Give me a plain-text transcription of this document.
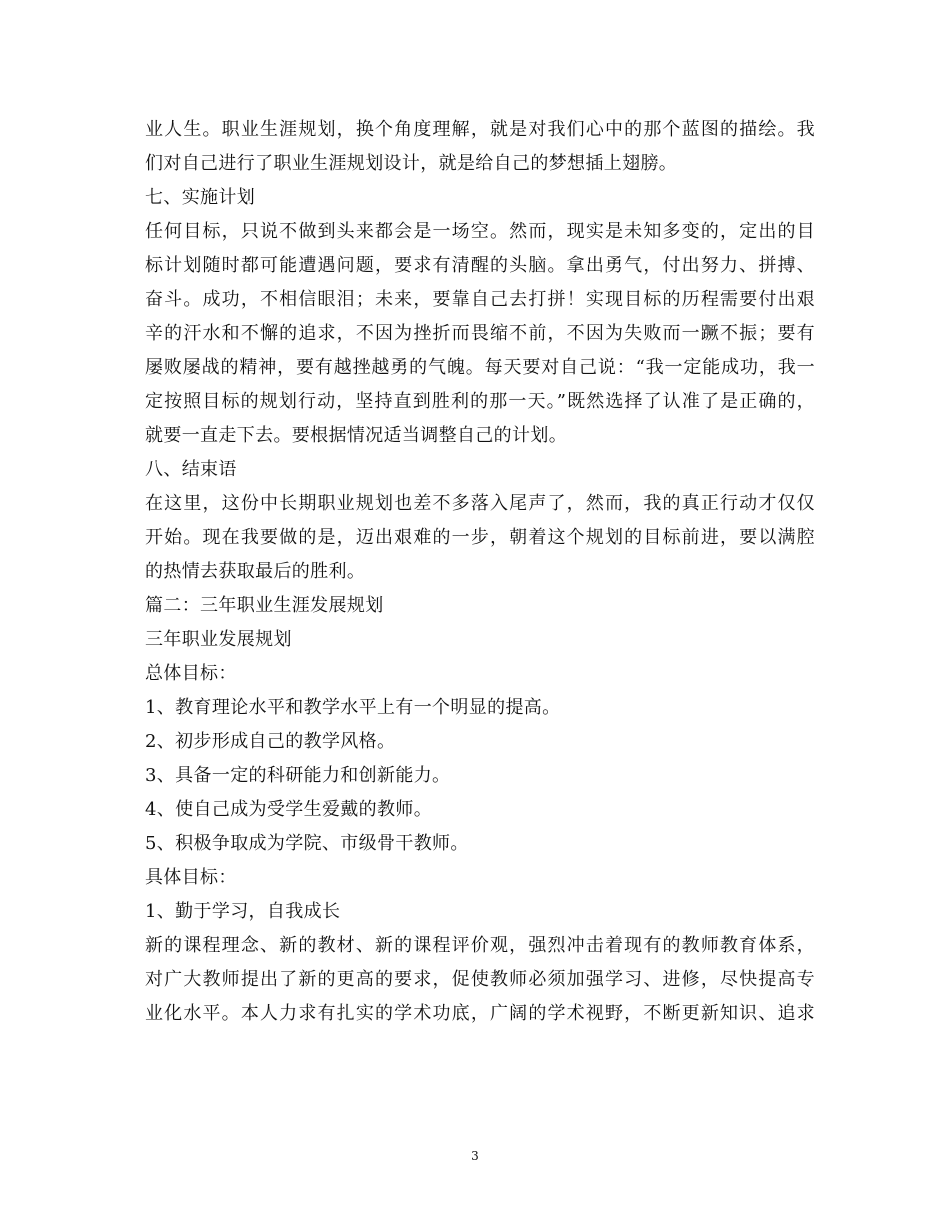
业人生。职业生涯规划，换个角度理解，就是对我们心中的那个蓝图的描绘。我
们对自己进行了职业生涯规划设计，就是给自己的梦想插上翅膀。
七、实施计划
任何目标，只说不做到头来都会是一场空。然而，现实是未知多变的，定出的目
标计划随时都可能遭遇问题，要求有清醒的头脑。拿出勇气，付出努力、拼搏、
奋斗。成功，不相信眼泪；未来，要靠自己去打拼！实现目标的历程需要付出艰
辛的汗水和不懈的追求，不因为挫折而畏缩不前，不因为失败而一蹶不振；要有
屡败屡战的精神，要有越挫越勇的气魄。每天要对自己说：“我一定能成功，我一
定按照目标的规划行动，坚持直到胜利的那一天。”既然选择了认准了是正确的，
就要一直走下去。要根据情况适当调整自己的计划。
八、结束语
在这里，这份中长期职业规划也差不多落入尾声了，然而，我的真正行动才仅仅
开始。现在我要做的是，迈出艰难的一步，朝着这个规划的目标前进，要以满腔
的热情去获取最后的胜利。
篇二：三年职业生涯发展规划
三年职业发展规划
总体目标：
1、教育理论水平和教学水平上有一个明显的提高。
2、初步形成自己的教学风格。
3、具备一定的科研能力和创新能力。
4、使自己成为受学生爱戴的教师。
5、积极争取成为学院、市级骨干教师。
具体目标：
1、勤于学习，自我成长
新的课程理念、新的教材、新的课程评价观，强烈冲击着现有的教师教育体系，
对广大教师提出了新的更高的要求，促使教师必须加强学习、进修，尽快提高专
业化水平。本人力求有扎实的学术功底，广阔的学术视野，不断更新知识、追求
3
